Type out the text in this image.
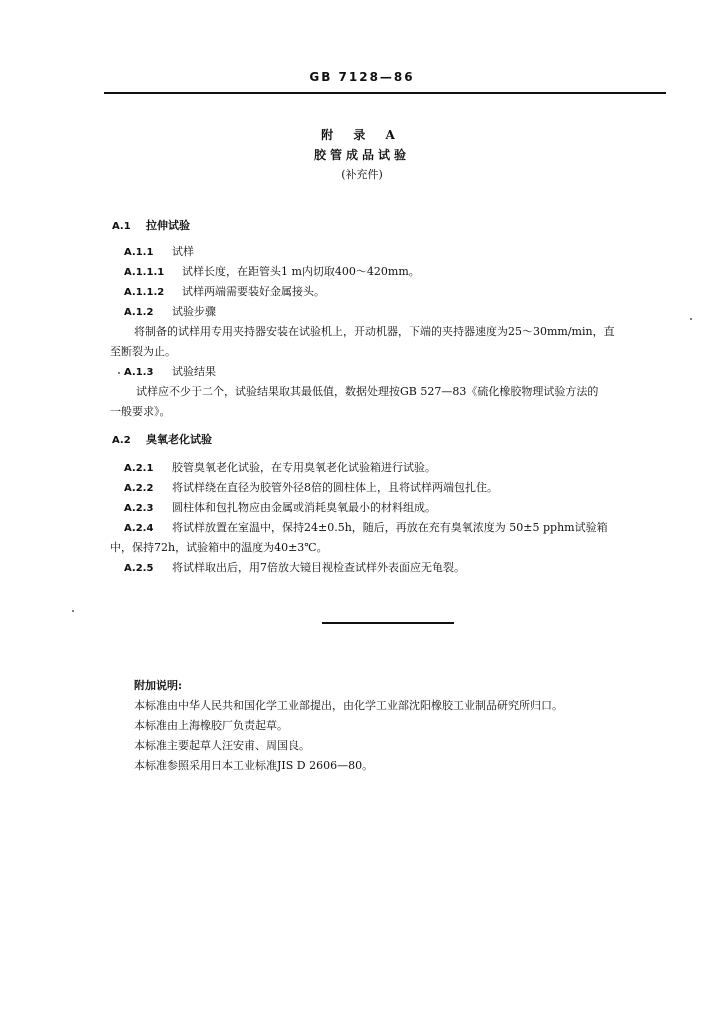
GB 7128—86
附 录 A
胶管成品试验
(补充件)
A.1 拉伸试验
A.1.1 试样
A.1.1.1 试样长度，在距管头1 m内切取400～420mm。
A.1.1.2 试样两端需要装好金属接头。
A.1.2 试验步骤
将制备的试样用专用夹持器安装在试验机上，开动机器，下端的夹持器速度为25～30mm/min，直
至断裂为止。
A.1.3 试验结果
试样应不少于二个，试验结果取其最低值，数据处理按GB 527—83《硫化橡胶物理试验方法的
一般要求》。
A.2 臭氧老化试验
A.2.1 胶管臭氧老化试验，在专用臭氧老化试验箱进行试验。
A.2.2 将试样绕在直径为胶管外径8倍的圆柱体上，且将试样两端包扎住。
A.2.3 圆柱体和包扎物应由金属或消耗臭氧最小的材料组成。
A.2.4 将试样放置在室温中，保持24±0.5h，随后，再放在充有臭氧浓度为 50±5 pphm试验箱
中，保持72h，试验箱中的温度为40±3℃。
A.2.5 将试样取出后，用7倍放大镜目视检查试样外表面应无龟裂。
附加说明:
本标准由中华人民共和国化学工业部提出，由化学工业部沈阳橡胶工业制品研究所归口。
本标准由上海橡胶厂负责起草。
本标准主要起草人汪安甫、周国良。
本标准参照采用日本工业标准JIS D 2606—80。
